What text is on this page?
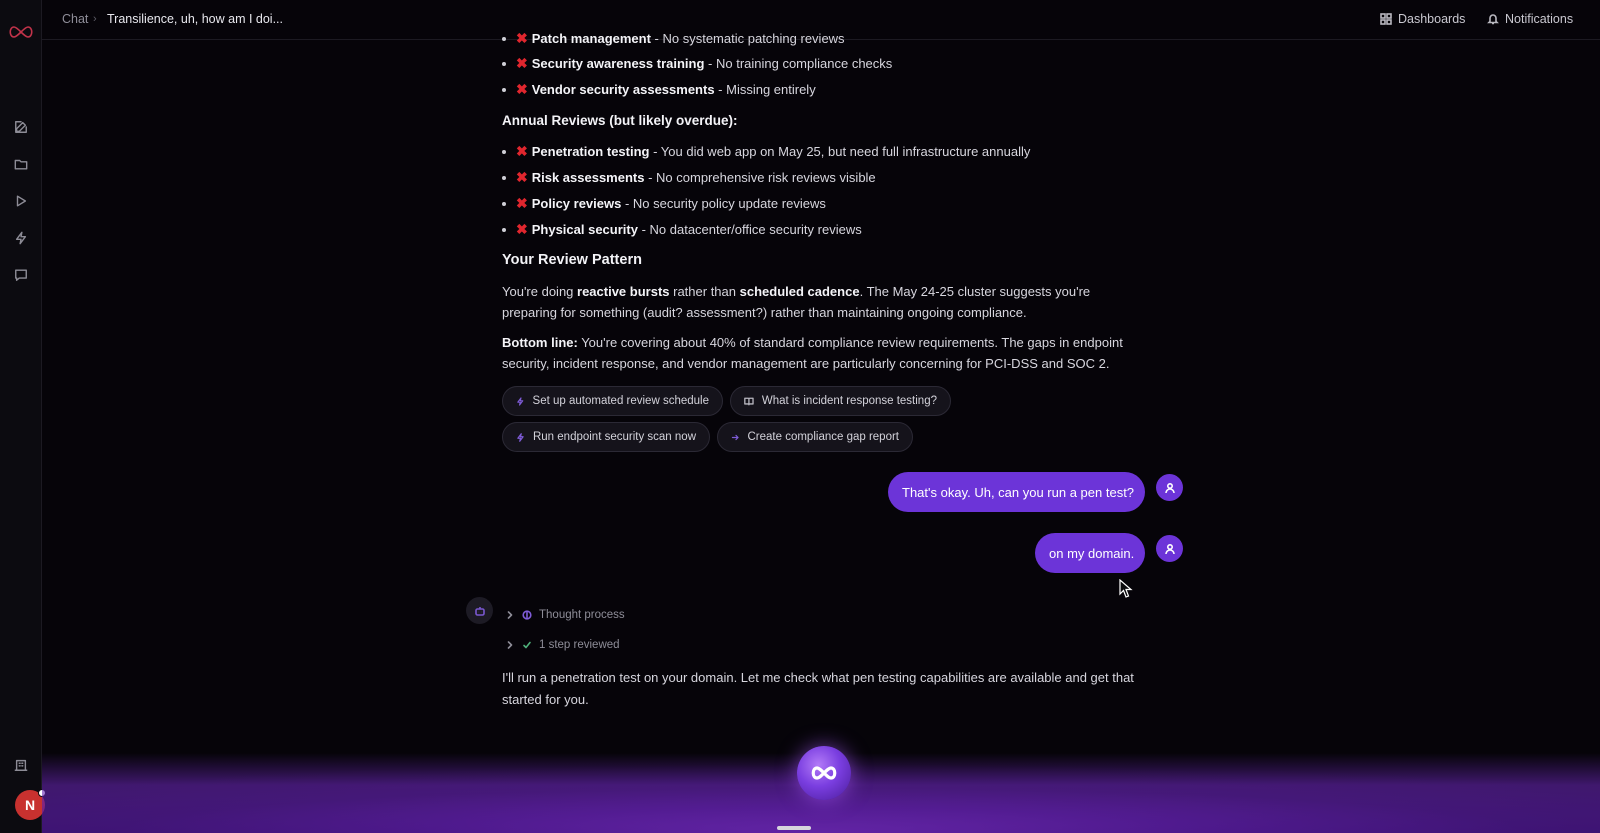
N
Chat › Transilience, uh, how am I doi...	Dashboards	Notifications
✖ Patch management - No systematic patching reviews
✖ Security awareness training - No training compliance checks
✖ Vendor security assessments - Missing entirely
Annual Reviews (but likely overdue):
✖ Penetration testing - You did web app on May 25, but need full infrastructure annually
✖ Risk assessments - No comprehensive risk reviews visible
✖ Policy reviews - No security policy update reviews
✖ Physical security - No datacenter/office security reviews
Your Review Pattern
You're doing reactive bursts rather than scheduled cadence. The May 24-25 cluster suggests you're
preparing for something (audit? assessment?) rather than maintaining ongoing compliance.
Bottom line: You're covering about 40% of standard compliance review requirements. The gaps in endpoint
security, incident response, and vendor management are particularly concerning for PCI-DSS and SOC 2.
Set up automated review schedule	What is incident response testing?
Run endpoint security scan now	Create compliance gap report
That's okay. Uh, can you run a pen test?
on my domain.
Thought process
1 step reviewed
I'll run a penetration test on your domain. Let me check what pen testing capabilities are available and get that
started for you.
